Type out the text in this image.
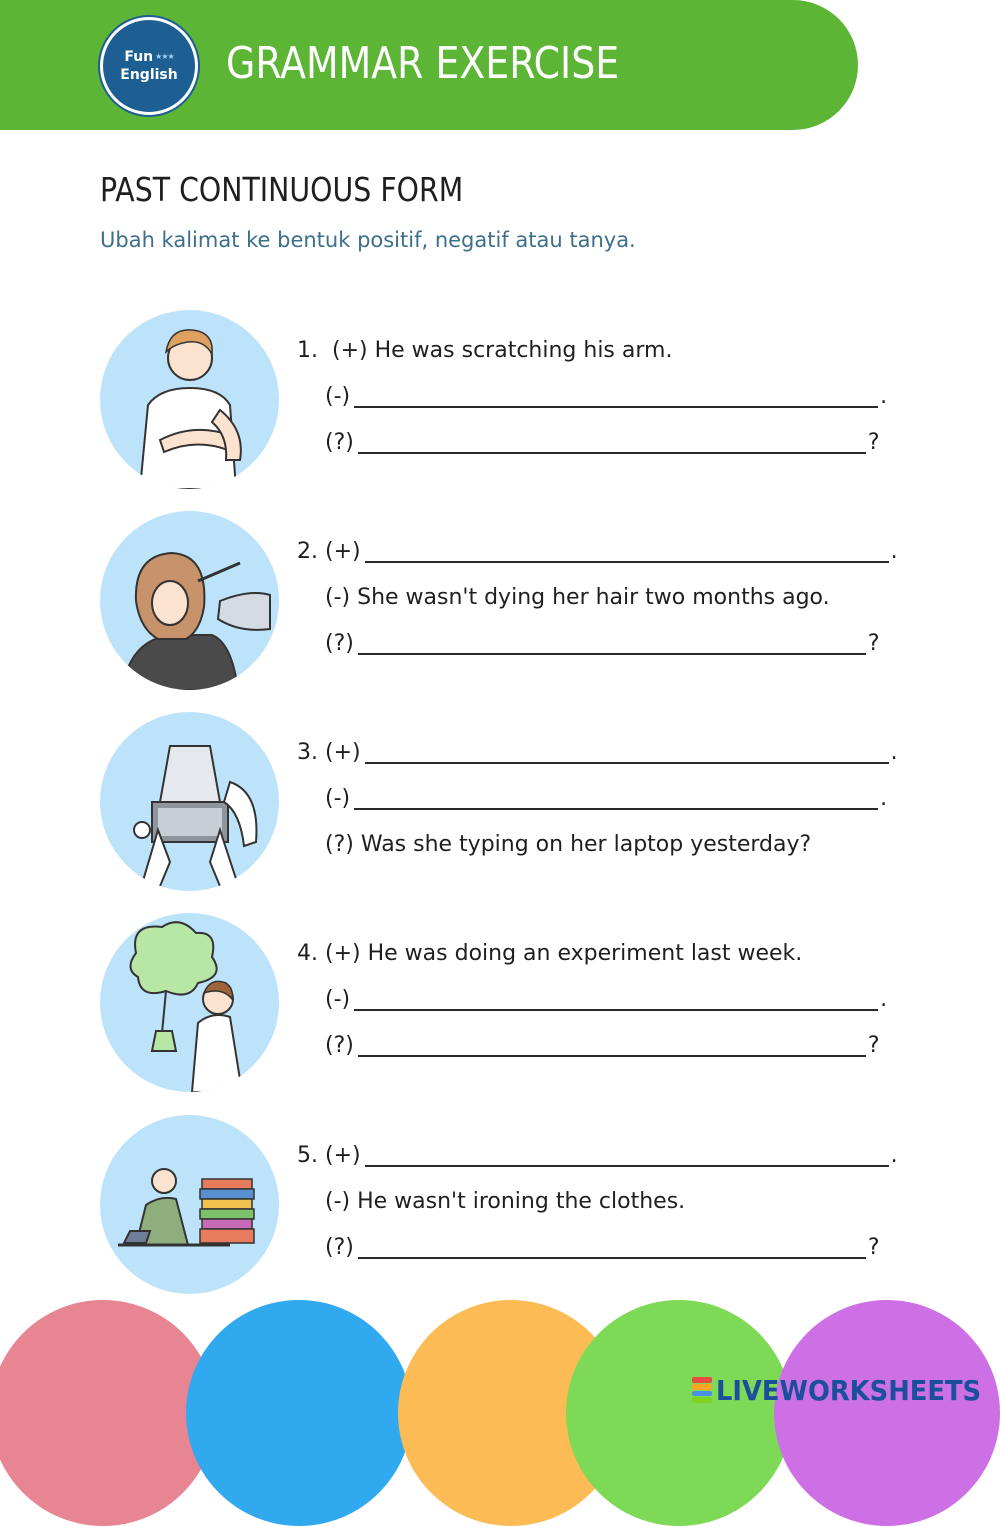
Fun ★★★
English GRAMMAR EXERCISE
PAST CONTINUOUS FORM
Ubah kalimat ke bentuk positif, negatif atau tanya.
1.
(+)
He was scratching his arm.
(-)	.
(?)	?
2.
(+)	.
(-)
She wasn't dying her hair two months ago.
(?)	?
3.
(+)	.
(-)	.
(?)
Was she typing on her laptop yesterday?
4.
(+)
He was doing an experiment last week.
(-)	.
(?)	?
5.
(+)	.
(-)
He wasn't ironing the clothes.
(?)	?
LIVEWORKSHEETS
